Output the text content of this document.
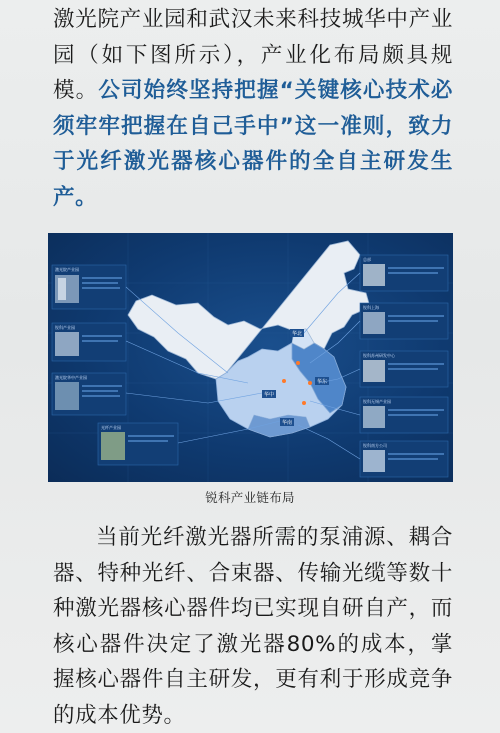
激光院产业园和武汉未来科技城华中产业园（如下图所示），产业化布局颇具规模。公司始终坚持把握“关键核心技术必须牢牢把握在自己手中”这一准则，致力于光纤激光器核心器件的全自主研发生产。

华北
华东
华中
华南
激光院产业园
锐科产业园
激光院华中产业园
光纤产业园
总部
锐科上海
锐科苏州研发中心
锐科无锡产业园
锐科南方公司
锐科产业链布局

当前光纤激光器所需的泵浦源、耦合器、特种光纤、合束器、传输光缆等数十种激光器核心器件均已实现自研自产，而核心器件决定了激光器80%的成本，掌握核心器件自主研发，更有利于形成竞争的成本优势。
